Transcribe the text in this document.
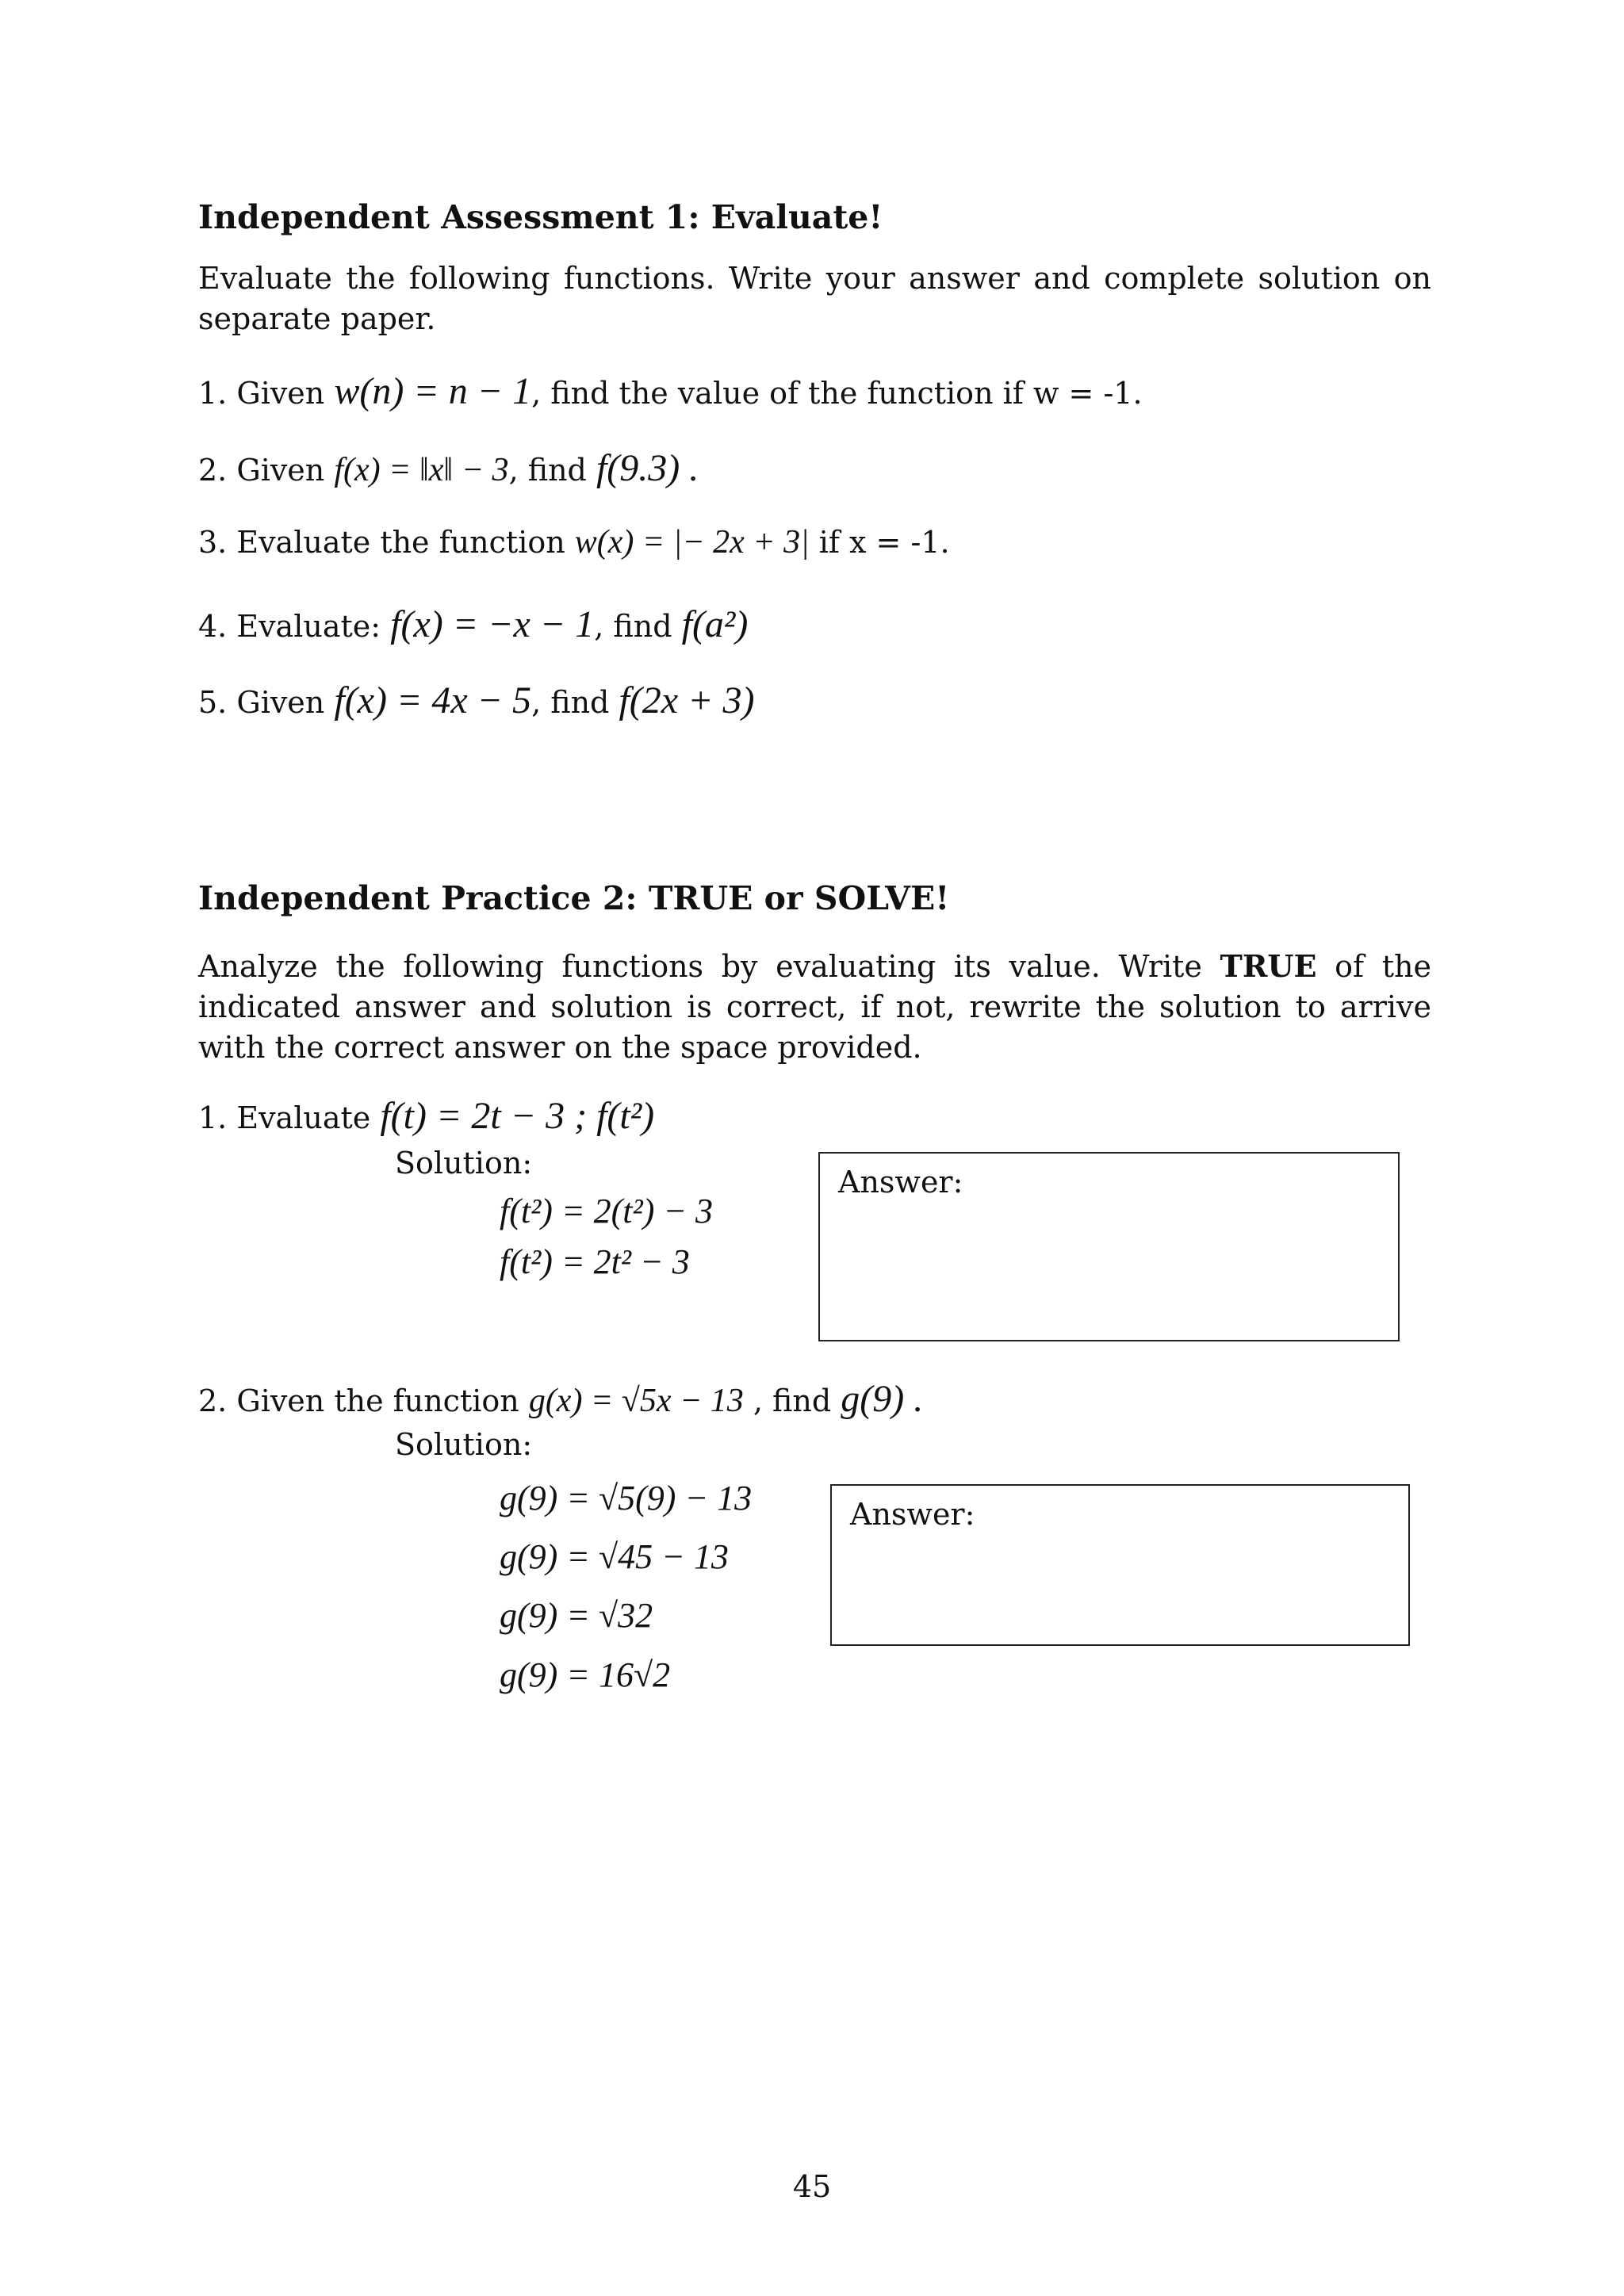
Independent Assessment 1: Evaluate!
Evaluate the following functions. Write your answer and complete solution on separate paper.
1. Given w(n) = n − 1, find the value of the function if w = -1.
2. Given f(x) = ‖x‖ − 3, find f(9.3) .
3. Evaluate the function w(x) = |− 2x + 3| if x = -1.
4. Evaluate: f(x) = −x − 1, find f(a²)
5. Given f(x) = 4x − 5, find f(2x + 3)
Independent Practice 2: TRUE or SOLVE!
Analyze the following functions by evaluating its value. Write TRUE of the indicated answer and solution is correct, if not, rewrite the solution to arrive with the correct answer on the space provided.
1. Evaluate f(t) = 2t − 3 ; f(t²)
Solution:
f(t²) = 2(t²) − 3
f(t²) = 2t² − 3
Answer:
2. Given the function g(x) = √5x − 13 , find g(9) .
Solution:
g(9) = √5(9) − 13
g(9) = √45 − 13
g(9) = √32
g(9) = 16√2
Answer:
45
